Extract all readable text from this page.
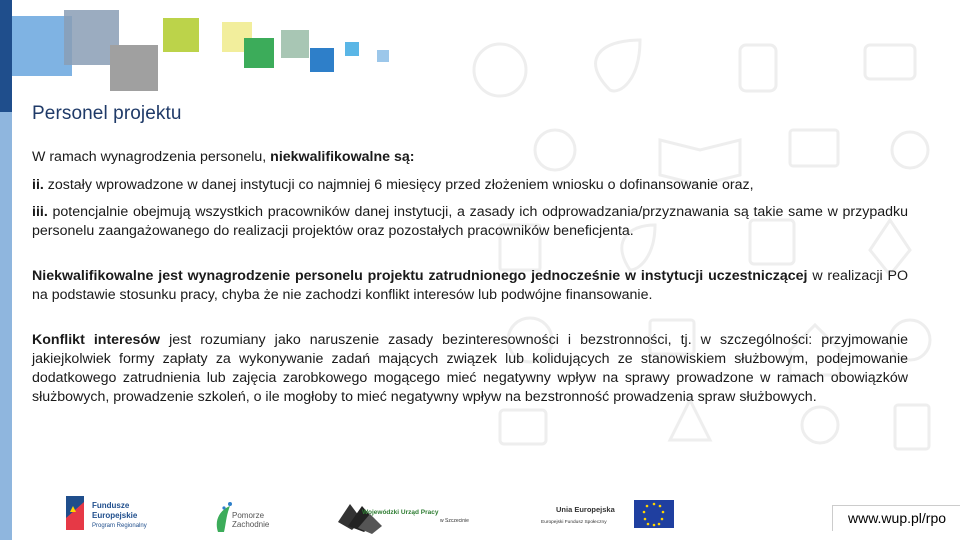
Personel projektu

W ramach wynagrodzenia personelu, niekwalifikowalne są:

ii. zostały wprowadzone w danej instytucji co najmniej 6 miesięcy przed złożeniem wniosku o dofinansowanie oraz,

iii. potencjalnie obejmują wszystkich pracowników danej instytucji, a zasady ich odprowadzania/przyznawania są takie same w przypadku personelu zaangażowanego do realizacji projektów oraz pozostałych pracowników beneficjenta.

Niekwalifikowalne jest wynagrodzenie personelu projektu zatrudnionego jednocześnie w instytucji uczestniczącej w realizacji PO na podstawie stosunku pracy, chyba że nie zachodzi konflikt interesów lub podwójne finansowanie.

Konflikt interesów jest rozumiany jako naruszenie zasady bezinteresowności i bezstronności, tj. w szczególności: przyjmowanie jakiejkolwiek formy zapłaty za wykonywanie zadań mających związek lub kolidujących ze stanowiskiem służbowym, podejmowanie dodatkowego zatrudnienia lub zajęcia zarobkowego mogącego mieć negatywny wpływ na sprawy prowadzone w ramach obowiązków służbowych, prowadzenie szkoleń, o ile mogłoby to mieć negatywny wpływ na bezstronność prowadzenia spraw służbowych.

Fundusze
Europejskie
Program Regionalny
Pomorze
Zachodnie
Wojewódzki Urząd Pracy
w Szczecinie
Unia Europejska
Europejski Fundusz Społeczny	www.wup.pl/rpo
